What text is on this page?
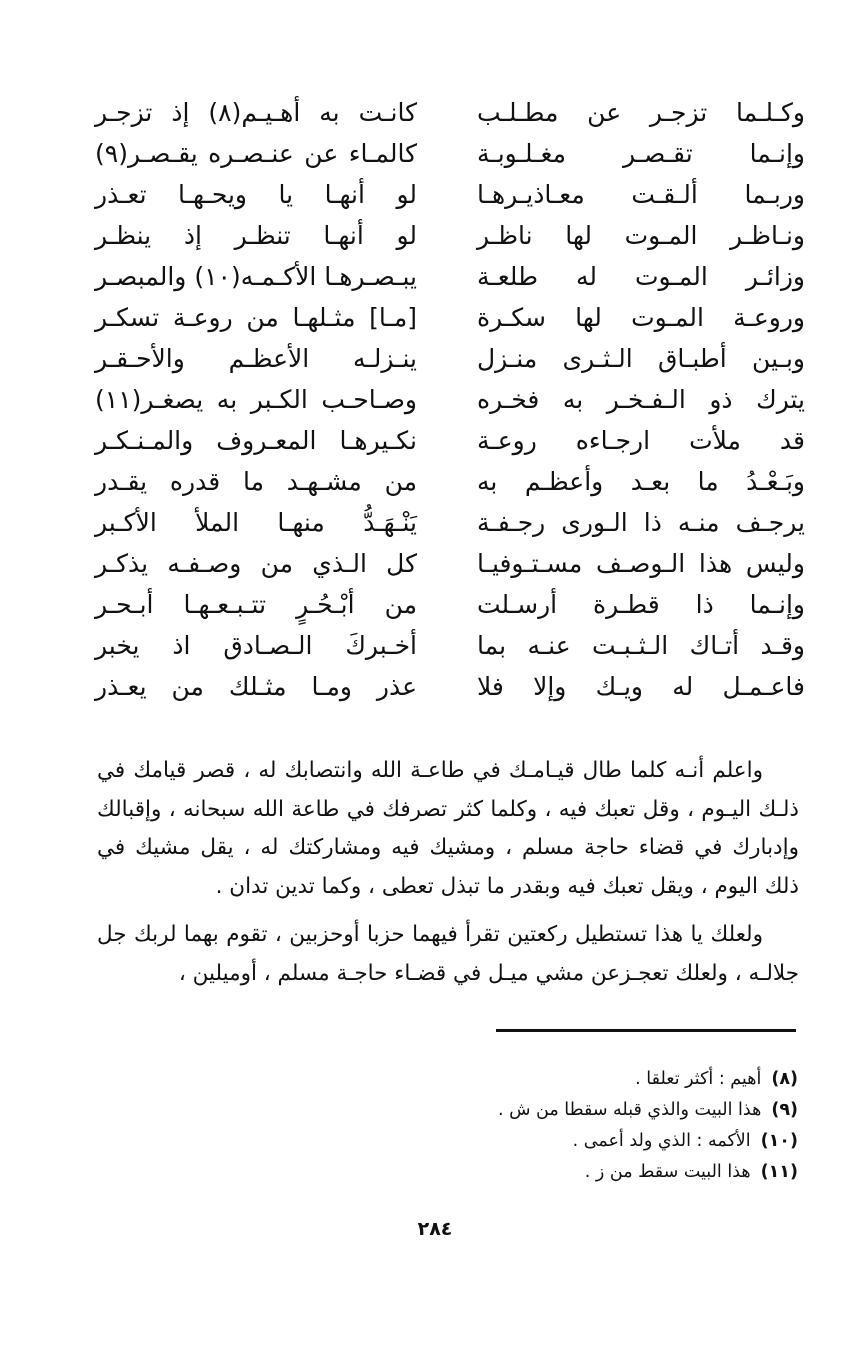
وكـلـما تزجـر عن مطـلـب
كانـت به أهـيـم(٨) إذ تزجـر
وإنـما تقـصـر مغـلـوبـة
كالمـاء عن عنـصـره يقـصـر(٩)
وربـما ألـقـت معـاذيـرهـا
لو أنهـا يا ويحـهـا تعـذر
ونـاظـر المـوت لها ناظـر
لو أنهـا تنظـر إذ ينظـر
وزائـر المـوت له طلعـة
يبـصـرهـا الأكـمـه(١٠) والمبصـر
وروعـة المـوت لها سكـرة
[مـا] مثـلهـا من روعـة تسكـر
وبـين أطبـاق الـثـرى منـزل
ينـزلـه الأعظـم والأحـقـر
يترك ذو الـفـخـر به فخـره
وصـاحـب الكـبر به يصغـر(١١)
قد ملأت ارجـاءه روعـة
نكـيرهـا المعـروف والمـنـكـر
وبَـعْـدُ ما بعـد وأعظـم به
من مشـهـد ما قدره يقـدر
يرجـف منـه ذا الـورى رجـفـة
يَنْـهَـدُّ منهـا الملأ الأكـبر
وليس هذا الـوصـف مسـتـوفيـا
كل الـذي من وصـفـه يذكـر
وإنـما ذا قطـرة أرسـلت
من أبْـحُـرٍ تتـبـعـهـا أبـحـر
وقـد أتـاك الـثـبـت عنـه بما
أخـبركَ الـصـادق اذ يخبر
فاعـمـل له ويـك وإلا فلا
عذر ومـا مثـلك من يعـذر

واعلم أنـه كلما طال قيـامـك في طاعـة الله وانتصابك له ، قصر قيامك في ذلـك اليـوم ، وقل تعبك فيه ، وكلما كثر تصرفك في طاعة الله سبحانه ، وإقبالك وإدبارك في قضاء حاجة مسلم ، ومشيك فيه ومشاركتك له ، يقل مشيك في ذلك اليوم ، ويقل تعبك فيه وبقدر ما تبذل تعطى ، وكما تدين تدان .

ولعلك يا هذا تستطيل ركعتين تقرأ فيهما حزبا أوحزبين ، تقوم بهما لربك جل جلالـه ، ولعلك تعجـزعن مشي ميـل في قضـاء حاجـة مسلم ، أوميلين ،

(٨)أهيم : أكثر تعلقا .
(٩)هذا البيت والذي قبله سقطا من ش .
(١٠)الأكمه : الذي ولد أعمى .
(١١)هذا البيت سقط من ز .
٢٨٤
